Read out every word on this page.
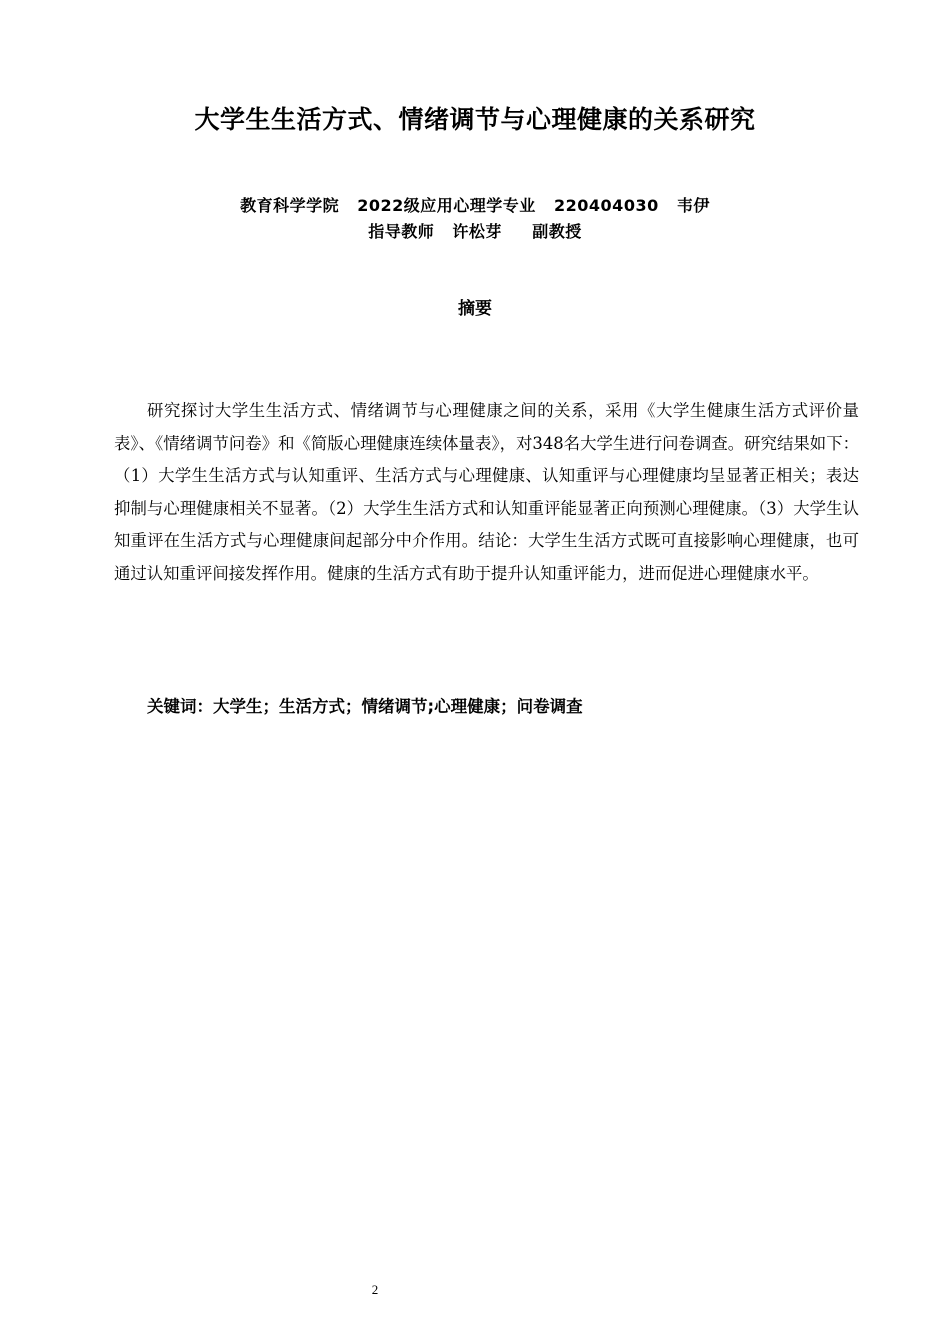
大学生生活方式、情绪调节与心理健康的关系研究
教育科学学院   2022级应用心理学专业   220404030   韦伊
指导教师   许松芽     副教授
摘要

研究探讨大学生生活方式、情绪调节与心理健康之间的关系，采用《大学生健康生活方式评价量表》、《情绪调节问卷》和《简版心理健康连续体量表》，对348名大学生进行问卷调查。研究结果如下：（1）大学生生活方式与认知重评、生活方式与心理健康、认知重评与心理健康均呈显著正相关；表达抑制与心理健康相关不显著。（2）大学生生活方式和认知重评能显著正向预测心理健康。（3）大学生认知重评在生活方式与心理健康间起部分中介作用。结论：大学生生活方式既可直接影响心理健康，也可通过认知重评间接发挥作用。健康的生活方式有助于提升认知重评能力，进而促进心理健康水平。

关键词：大学生；生活方式；情绪调节;心理健康；问卷调查
2
